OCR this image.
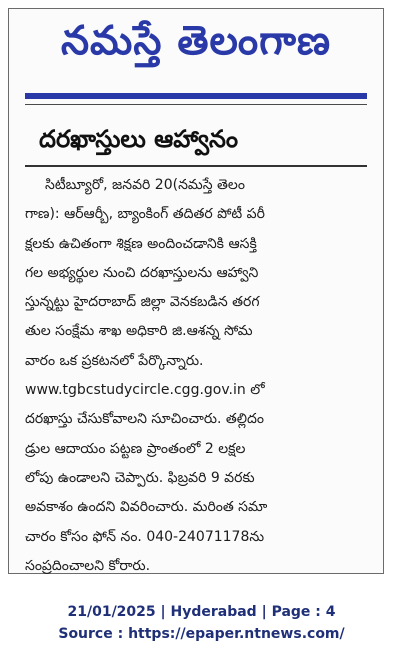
నమస్తే తెలంగాణ
దరఖాస్తులు ఆహ్వానం
సిటీబ్యూరో, జనవరి 20(నమస్తే తెలం
గాణ): ఆర్ఆర్బీ, బ్యాంకింగ్ తదితర పోటీ పరీ
క్షలకు ఉచితంగా శిక్షణ అందించడానికి ఆసక్తి
గల అభ్యర్థుల నుంచి దరఖాస్తులను ఆహ్వాని
స్తున్నట్టు హైదరాబాద్ జిల్లా వెనకబడిన తరగ
తుల సంక్షేమ శాఖ అధికారి జి.ఆశన్న సోమ
వారం ఒక ప్రకటనలో పేర్కొన్నారు.
www.tgbcstudycircle.cgg.gov.in లో
దరఖాస్తు చేసుకోవాలని సూచించారు. తల్లిదం
డ్రుల ఆదాయం పట్టణ ప్రాంతంలో 2 లక్షల
లోపు ఉండాలని చెప్పారు. ఫిబ్రవరి 9 వరకు
అవకాశం ఉందని వివరించారు. మరింత సమా
చారం కోసం ఫోన్ నం. 040-24071178ను
సంప్రదించాలని కోరారు.
21/01/2025 | Hyderabad | Page : 4
Source : https://epaper.ntnews.com/
